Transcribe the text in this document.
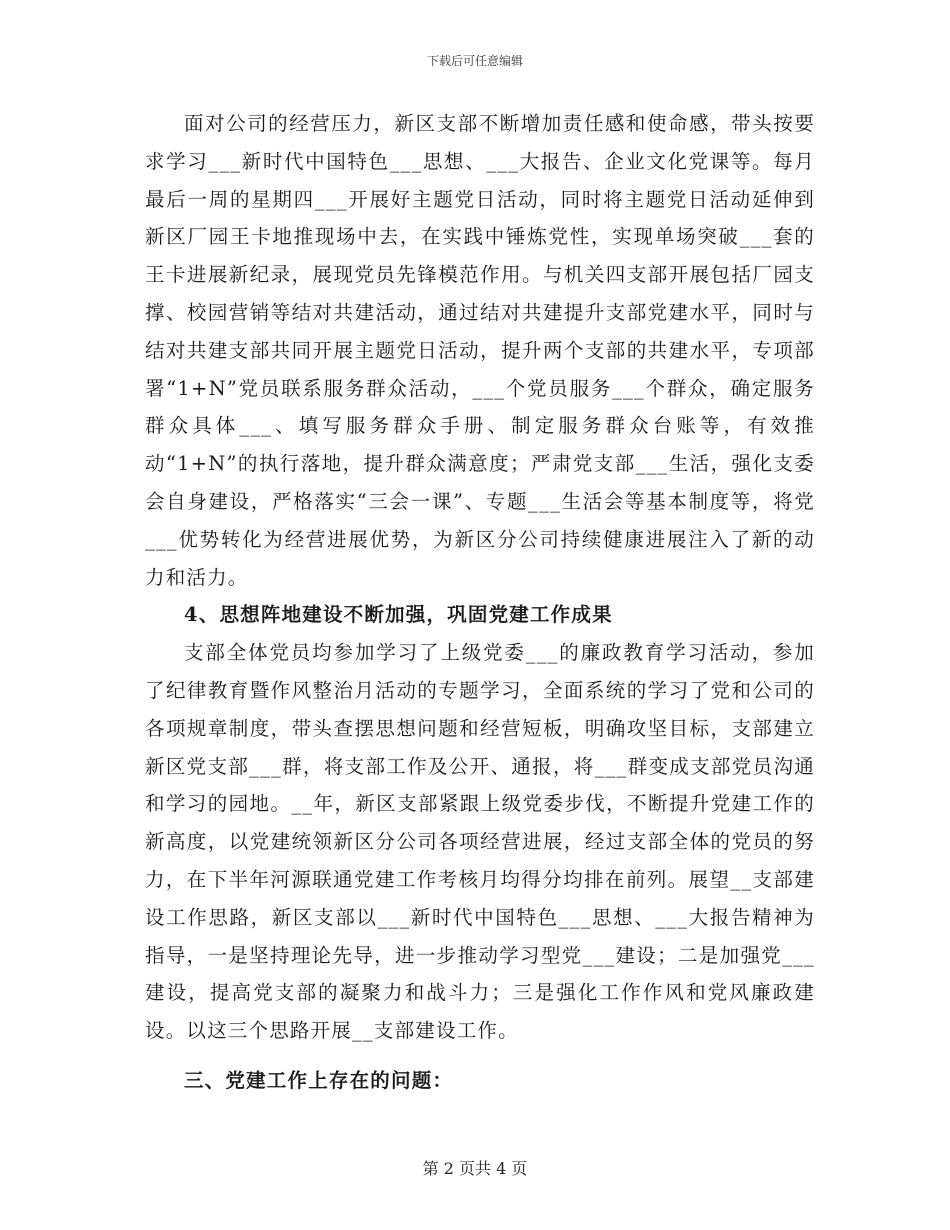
下载后可任意编辑

面对公司的经营压力，新区支部不断增加责任感和使命感，带头按要求学习___新时代中国特色___思想、___大报告、企业文化党课等。每月最后一周的星期四___开展好主题党日活动，同时将主题党日活动延伸到新区厂园王卡地推现场中去，在实践中锤炼党性，实现单场突破___套的王卡进展新纪录，展现党员先锋模范作用。与机关四支部开展包括厂园支撑、校园营销等结对共建活动，通过结对共建提升支部党建水平，同时与结对共建支部共同开展主题党日活动，提升两个支部的共建水平，专项部署“1+N”党员联系服务群众活动，___个党员服务___个群众，确定服务群众具体___、填写服务群众手册、制定服务群众台账等，有效推动“1+N”的执行落地，提升群众满意度；严肃党支部___生活，强化支委会自身建设，严格落实“三会一课”、专题___生活会等基本制度等，将党___优势转化为经营进展优势，为新区分公司持续健康进展注入了新的动力和活力。

4、思想阵地建设不断加强，巩固党建工作成果

支部全体党员均参加学习了上级党委___的廉政教育学习活动，参加了纪律教育暨作风整治月活动的专题学习，全面系统的学习了党和公司的各项规章制度，带头查摆思想问题和经营短板，明确攻坚目标，支部建立新区党支部___群，将支部工作及公开、通报，将___群变成支部党员沟通和学习的园地。__年，新区支部紧跟上级党委步伐，不断提升党建工作的新高度，以党建统领新区分公司各项经营进展，经过支部全体的党员的努力，在下半年河源联通党建工作考核月均得分均排在前列。展望__支部建设工作思路，新区支部以___新时代中国特色___思想、___大报告精神为指导，一是坚持理论先导，进一步推动学习型党___建设；二是加强党___建设，提高党支部的凝聚力和战斗力；三是强化工作作风和党风廉政建设。以这三个思路开展__支部建设工作。

三、党建工作上存在的问题：

第 2 页共 4 页
